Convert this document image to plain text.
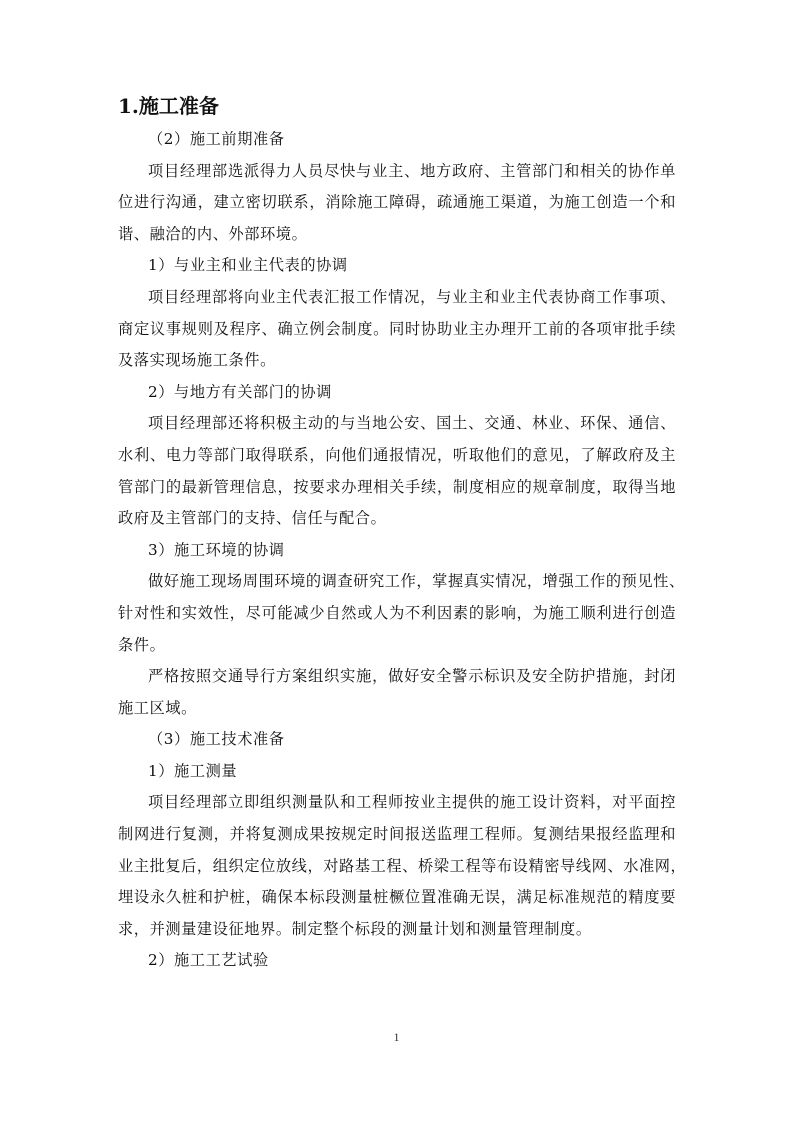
1.施工准备
（2）施工前期准备
项目经理部选派得力人员尽快与业主、地方政府、主管部门和相关的协作单
位进行沟通，建立密切联系，消除施工障碍，疏通施工渠道，为施工创造一个和
谐、融洽的内、外部环境。
1）与业主和业主代表的协调
项目经理部将向业主代表汇报工作情况，与业主和业主代表协商工作事项、
商定议事规则及程序、确立例会制度。同时协助业主办理开工前的各项审批手续
及落实现场施工条件。
2）与地方有关部门的协调
项目经理部还将积极主动的与当地公安、国土、交通、林业、环保、通信、
水利、电力等部门取得联系，向他们通报情况，听取他们的意见，了解政府及主
管部门的最新管理信息，按要求办理相关手续，制度相应的规章制度，取得当地
政府及主管部门的支持、信任与配合。
3）施工环境的协调
做好施工现场周围环境的调查研究工作，掌握真实情况，增强工作的预见性、
针对性和实效性，尽可能减少自然或人为不利因素的影响，为施工顺利进行创造
条件。
严格按照交通导行方案组织实施，做好安全警示标识及安全防护措施，封闭
施工区域。
（3）施工技术准备
1）施工测量
项目经理部立即组织测量队和工程师按业主提供的施工设计资料，对平面控
制网进行复测，并将复测成果按规定时间报送监理工程师。复测结果报经监理和
业主批复后，组织定位放线，对路基工程、桥梁工程等布设精密导线网、水准网，
埋设永久桩和护桩，确保本标段测量桩橛位置准确无误，满足标准规范的精度要
求，并测量建设征地界。制定整个标段的测量计划和测量管理制度。
2）施工工艺试验
1
